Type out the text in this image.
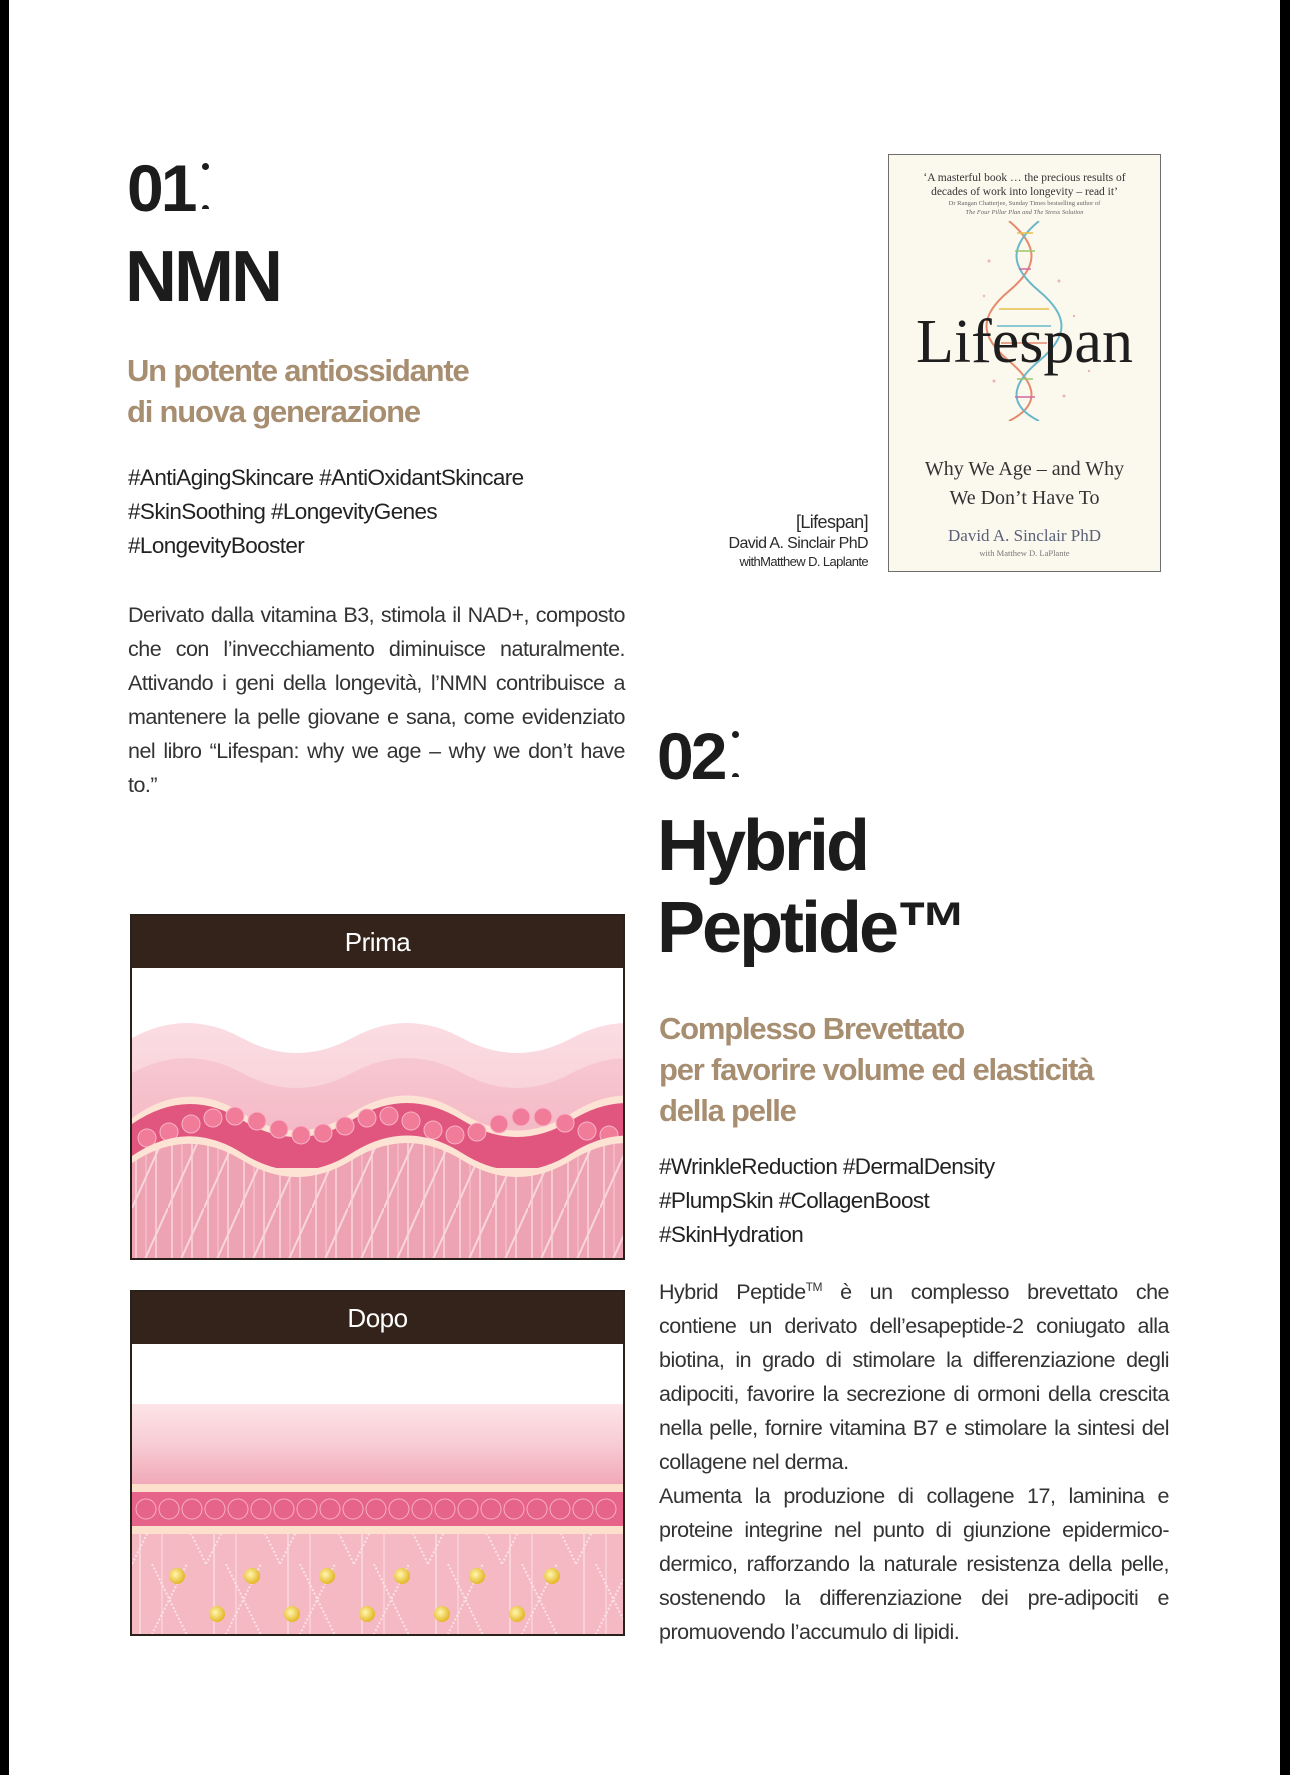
01
NMN
Un potente antiossidante
di nuova generazione
#AntiAgingSkincare #AntiOxidantSkincare
#SkinSoothing #LongevityGenes
#LongevityBooster

Derivato dalla vitamina B3, stimola il NAD+, composto che con l’invecchiamento diminuisce naturalmente. Attivando i geni della longevità, l’NMN contribuisce a mantenere la pelle giovane e sana, come evidenziato nel libro “Lifespan: why we age – why we don’t have to.”

[Lifespan]
David A. Sinclair PhD
withMatthew D. Laplante
‘A masterful book … the precious results of
decades of work into longevity – read it’
Dr Rangan Chatterjee, Sunday Times bestselling author of
The Four Pillar Plan and The Stress Solution
Lifespan
Why We Age – and Why
We Don’t Have To
David A. Sinclair PhD
with Matthew D. LaPlante
Prima
Dopo
02
Hybrid
Peptide™
Complesso Brevettato
per favorire volume ed elasticità
della pelle
#WrinkleReduction #DermalDensity
#PlumpSkin #CollagenBoost
#SkinHydration

Hybrid Peptide™ è un complesso brevettato che contiene un derivato dell’esapeptide-2 coniugato alla biotina, in grado di stimolare la differenziazione degli adipociti, favorire la secrezione di ormoni della crescita nella pelle, fornire vitamina B7 e stimolare la sintesi del collagene nel derma.

Aumenta la produzione di collagene 17, laminina e proteine integrine nel punto di giunzione epidermico-dermico, rafforzando la naturale resistenza della pelle, sostenendo la differenziazione dei pre-adipociti e promuovendo l’accumulo di lipidi.
